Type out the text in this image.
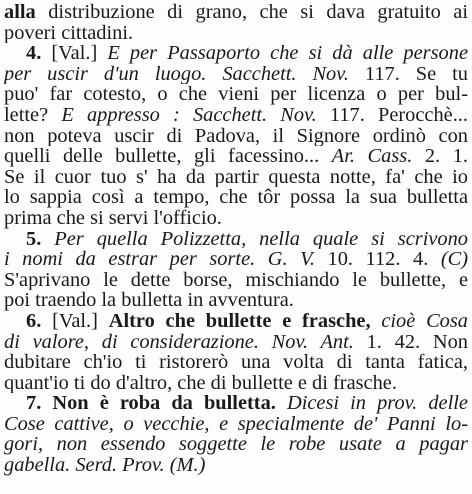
alla distribuzione di grano, che si dava gratuito ai
poveri cittadini.
4. [Val.] E per Passaporto che si dà alle persone
per uscir d'un luogo. Sacchett. Nov. 117. Se tu
puo' far cotesto, o che vieni per licenza o per bul-
lette? E appresso : Sacchett. Nov. 117. Perocchè...
non poteva uscir di Padova, il Signore ordinò con
quelli delle bullette, gli facessino... Ar. Cass. 2. 1.
Se il cuor tuo s' ha da partir questa notte, fa' che io
lo sappia così a tempo, che tôr possa la sua bulletta
prima che si servi l'officio.
5. Per quella Polizzetta, nella quale si scrivono
i nomi da estrar per sorte. G. V. 10. 112. 4. (C)
S'aprivano le dette borse, mischiando le bullette, e
poi traendo la bulletta in avventura.
6. [Val.] Altro che bullette e frasche, cioè Cosa
di valore, di considerazione. Nov. Ant. 1. 42. Non
dubitare ch'io ti ristorerò una volta di tanta fatica,
quant'io ti do d'altro, che di bullette e di frasche.
7. Non è roba da bulletta. Dicesi in prov. delle
Cose cattive, o vecchie, e specialmente de' Panni lo-
gori, non essendo soggette le robe usate a pagar
gabella. Serd. Prov. (M.)
